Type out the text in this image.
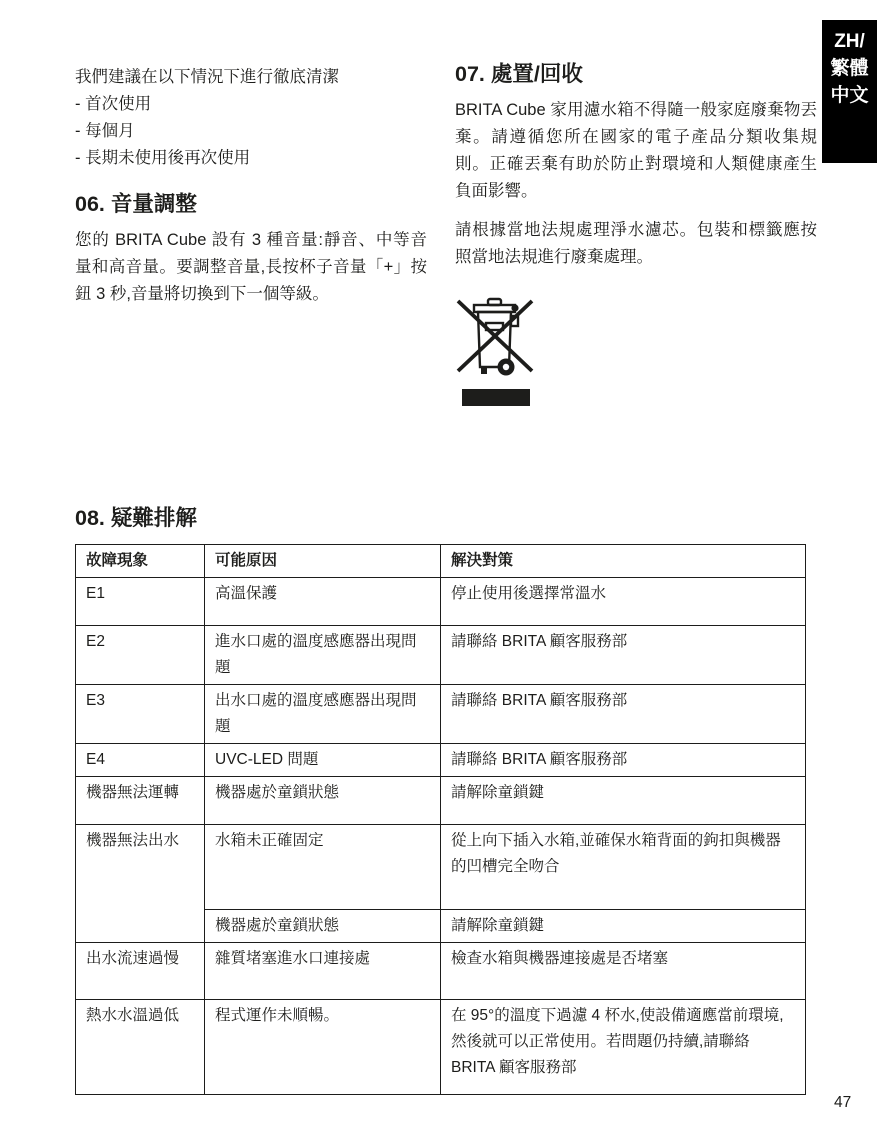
ZH/
繁體
中文
我們建議在以下情況下進行徹底清潔
- 首次使用
- 每個月
- 長期未使用後再次使用
06. 音量調整
您的 BRITA Cube 設有 3 種音量:靜音、中等音量和高音量。要調整音量,長按杯子音量「+」按鈕 3 秒,音量將切換到下一個等級。
07. 處置/回收
BRITA Cube 家用濾水箱不得隨一般家庭廢棄物丟棄。請遵循您所在國家的電子產品分類收集規則。正確丟棄有助於防止對環境和人類健康產生負面影響。
請根據當地法規處理淨水濾芯。包裝和標籤應按照當地法規進行廢棄處理。
08. 疑難排解
故障現象	可能原因	解決對策
E1	高溫保護	停止使用後選擇常溫水
E2	進水口處的溫度感應器出現問題	請聯絡 BRITA 顧客服務部
E3	出水口處的溫度感應器出現問題	請聯絡 BRITA 顧客服務部
E4	UVC-LED 問題	請聯絡 BRITA 顧客服務部
機器無法運轉	機器處於童鎖狀態	請解除童鎖鍵
機器無法出水	水箱未正確固定	從上向下插入水箱,並確保水箱背面的鉤扣與機器的凹槽完全吻合
	機器處於童鎖狀態	請解除童鎖鍵
出水流速過慢	雜質堵塞進水口連接處	檢查水箱與機器連接處是否堵塞
熱水水溫過低	程式運作未順暢。	在 95°的溫度下過濾 4 杯水,使設備適應當前環境,然後就可以正常使用。若問題仍持續,請聯絡 BRITA 顧客服務部
47
